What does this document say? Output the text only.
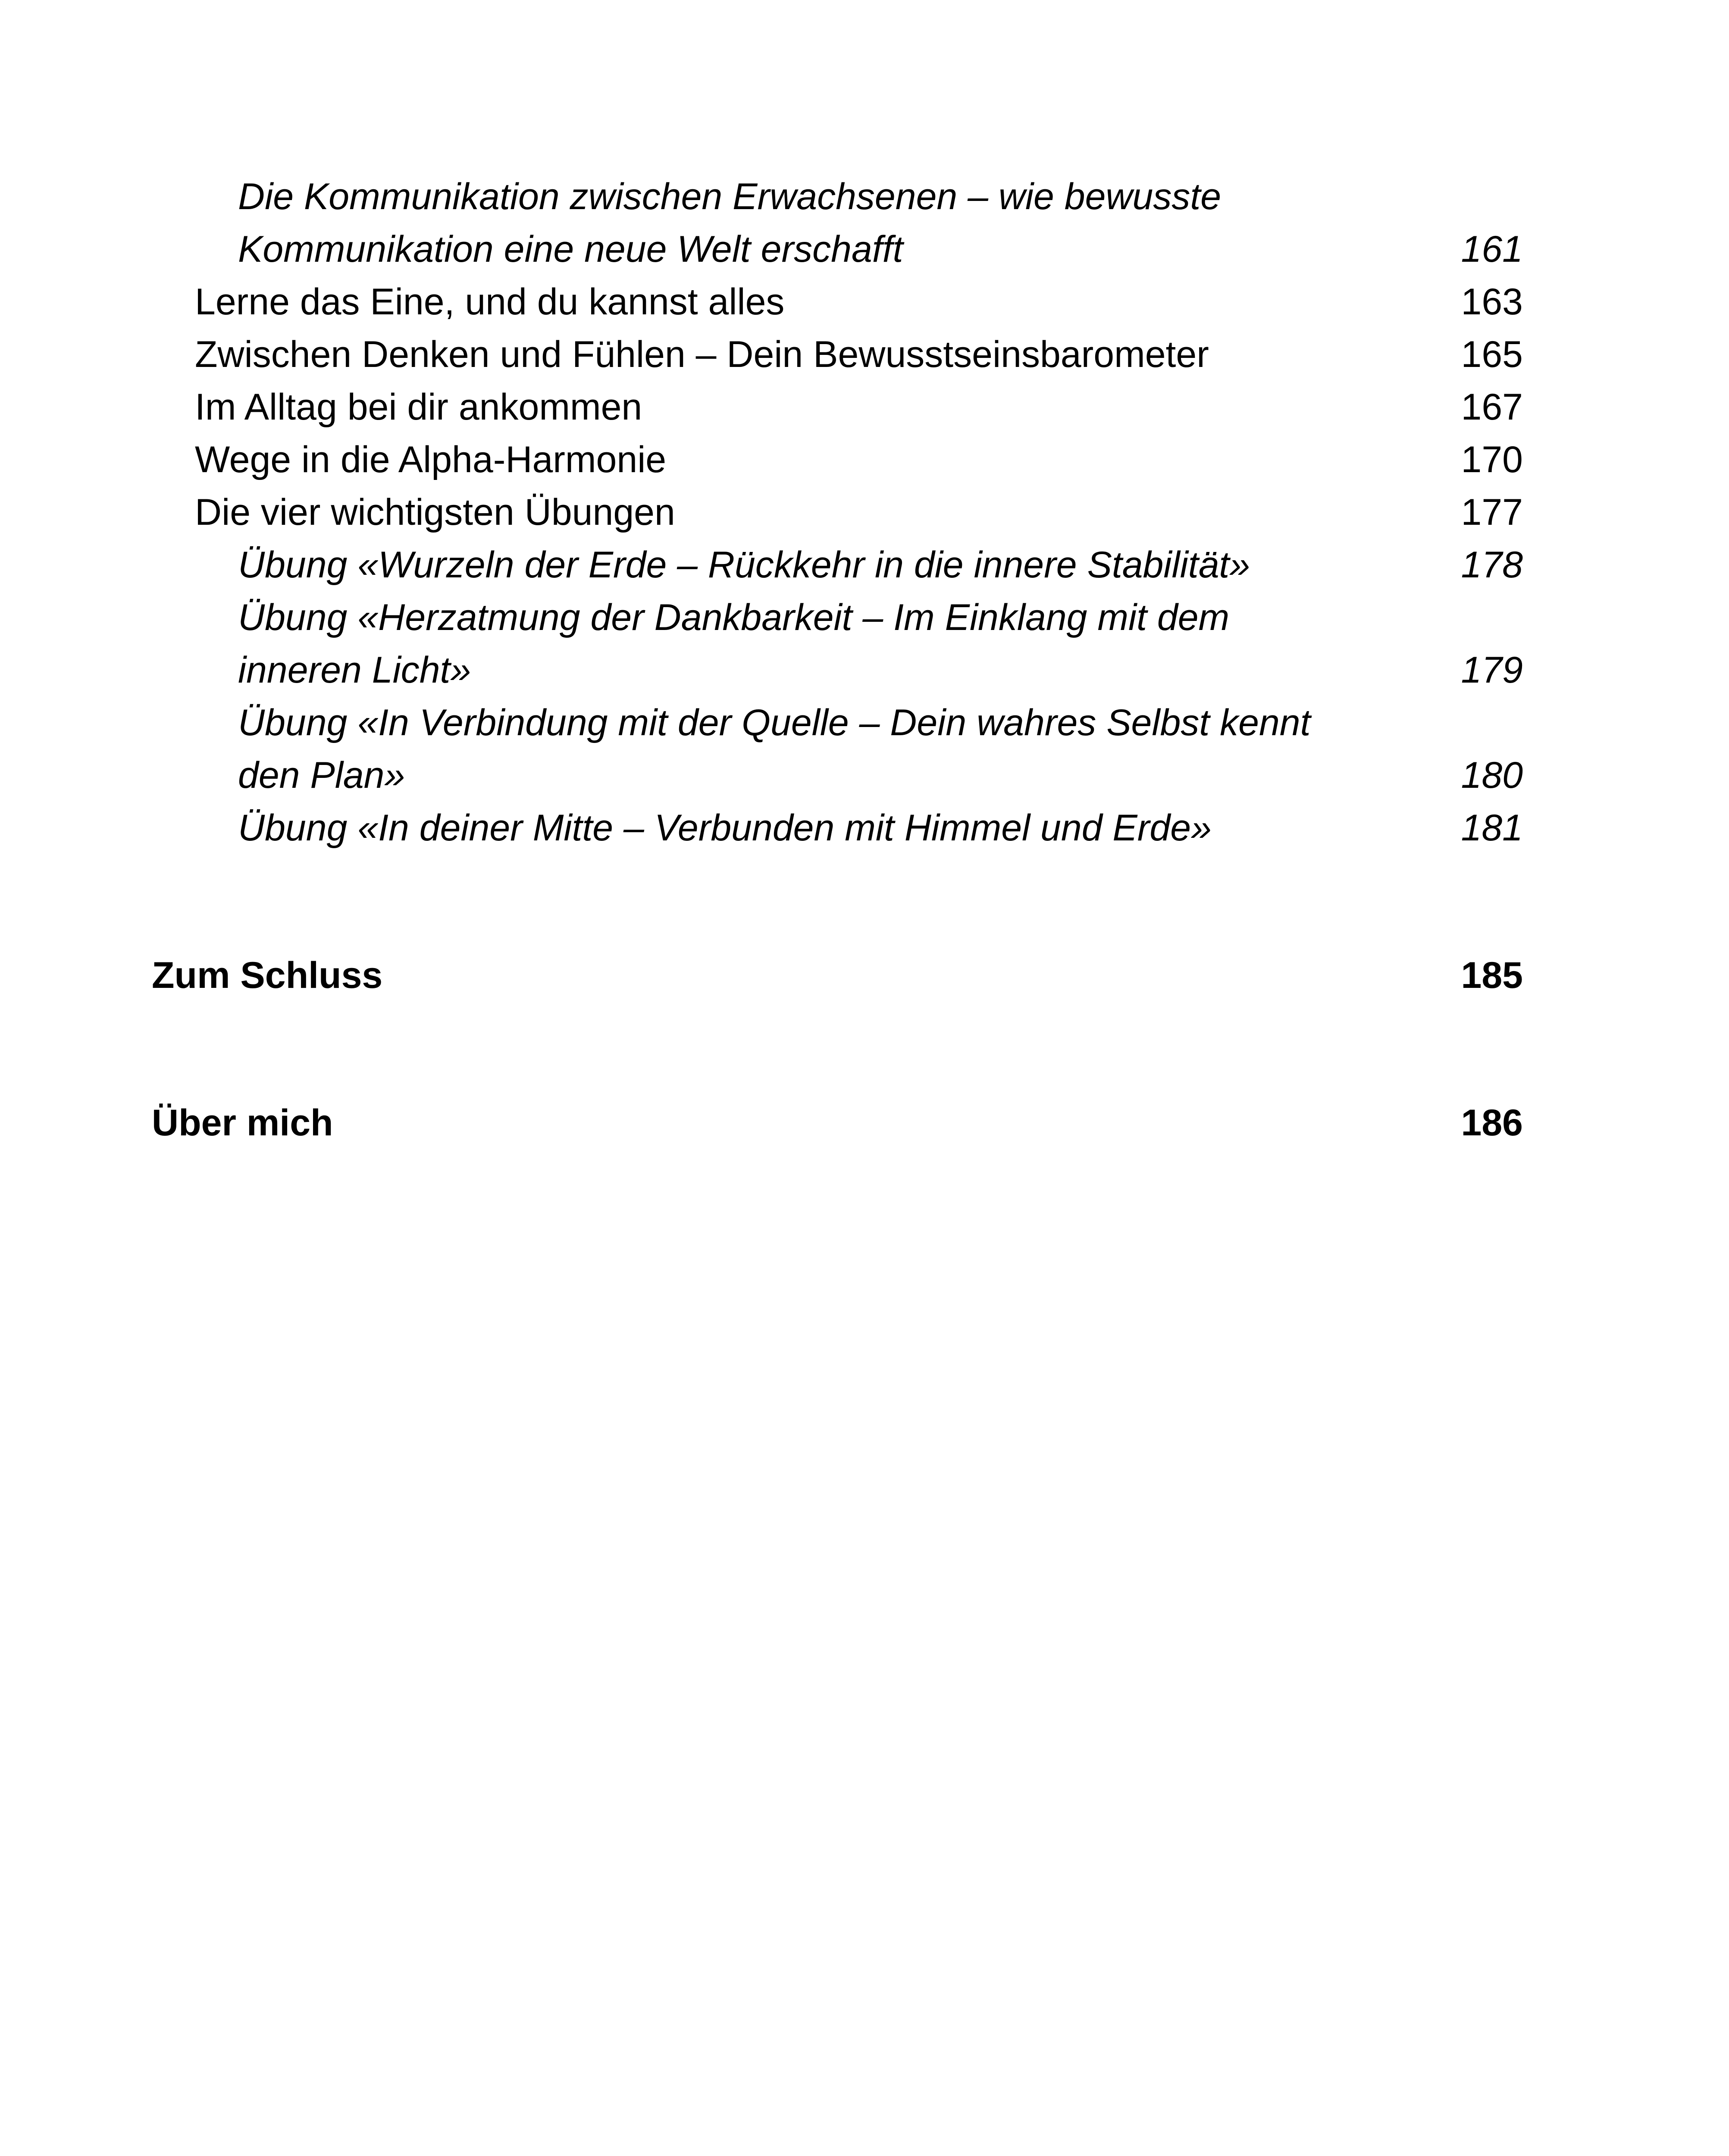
Die Kommunikation zwischen Erwachsenen – wie bewusste
Kommunikation eine neue Welt erschafft	161
Lerne das Eine, und du kannst alles	163
Zwischen Denken und Fühlen – Dein Bewusstseinsbarometer	165
Im Alltag bei dir ankommen	167
Wege in die Alpha-Harmonie	170
Die vier wichtigsten Übungen	177
Übung «Wurzeln der Erde – Rückkehr in die innere Stabilität»	178
Übung «Herzatmung der Dankbarkeit – Im Einklang mit dem
inneren Licht»	179
Übung «In Verbindung mit der Quelle – Dein wahres Selbst kennt
den Plan»	180
Übung «In deiner Mitte – Verbunden mit Himmel und Erde»	181
Zum Schluss	185
Über mich	186
